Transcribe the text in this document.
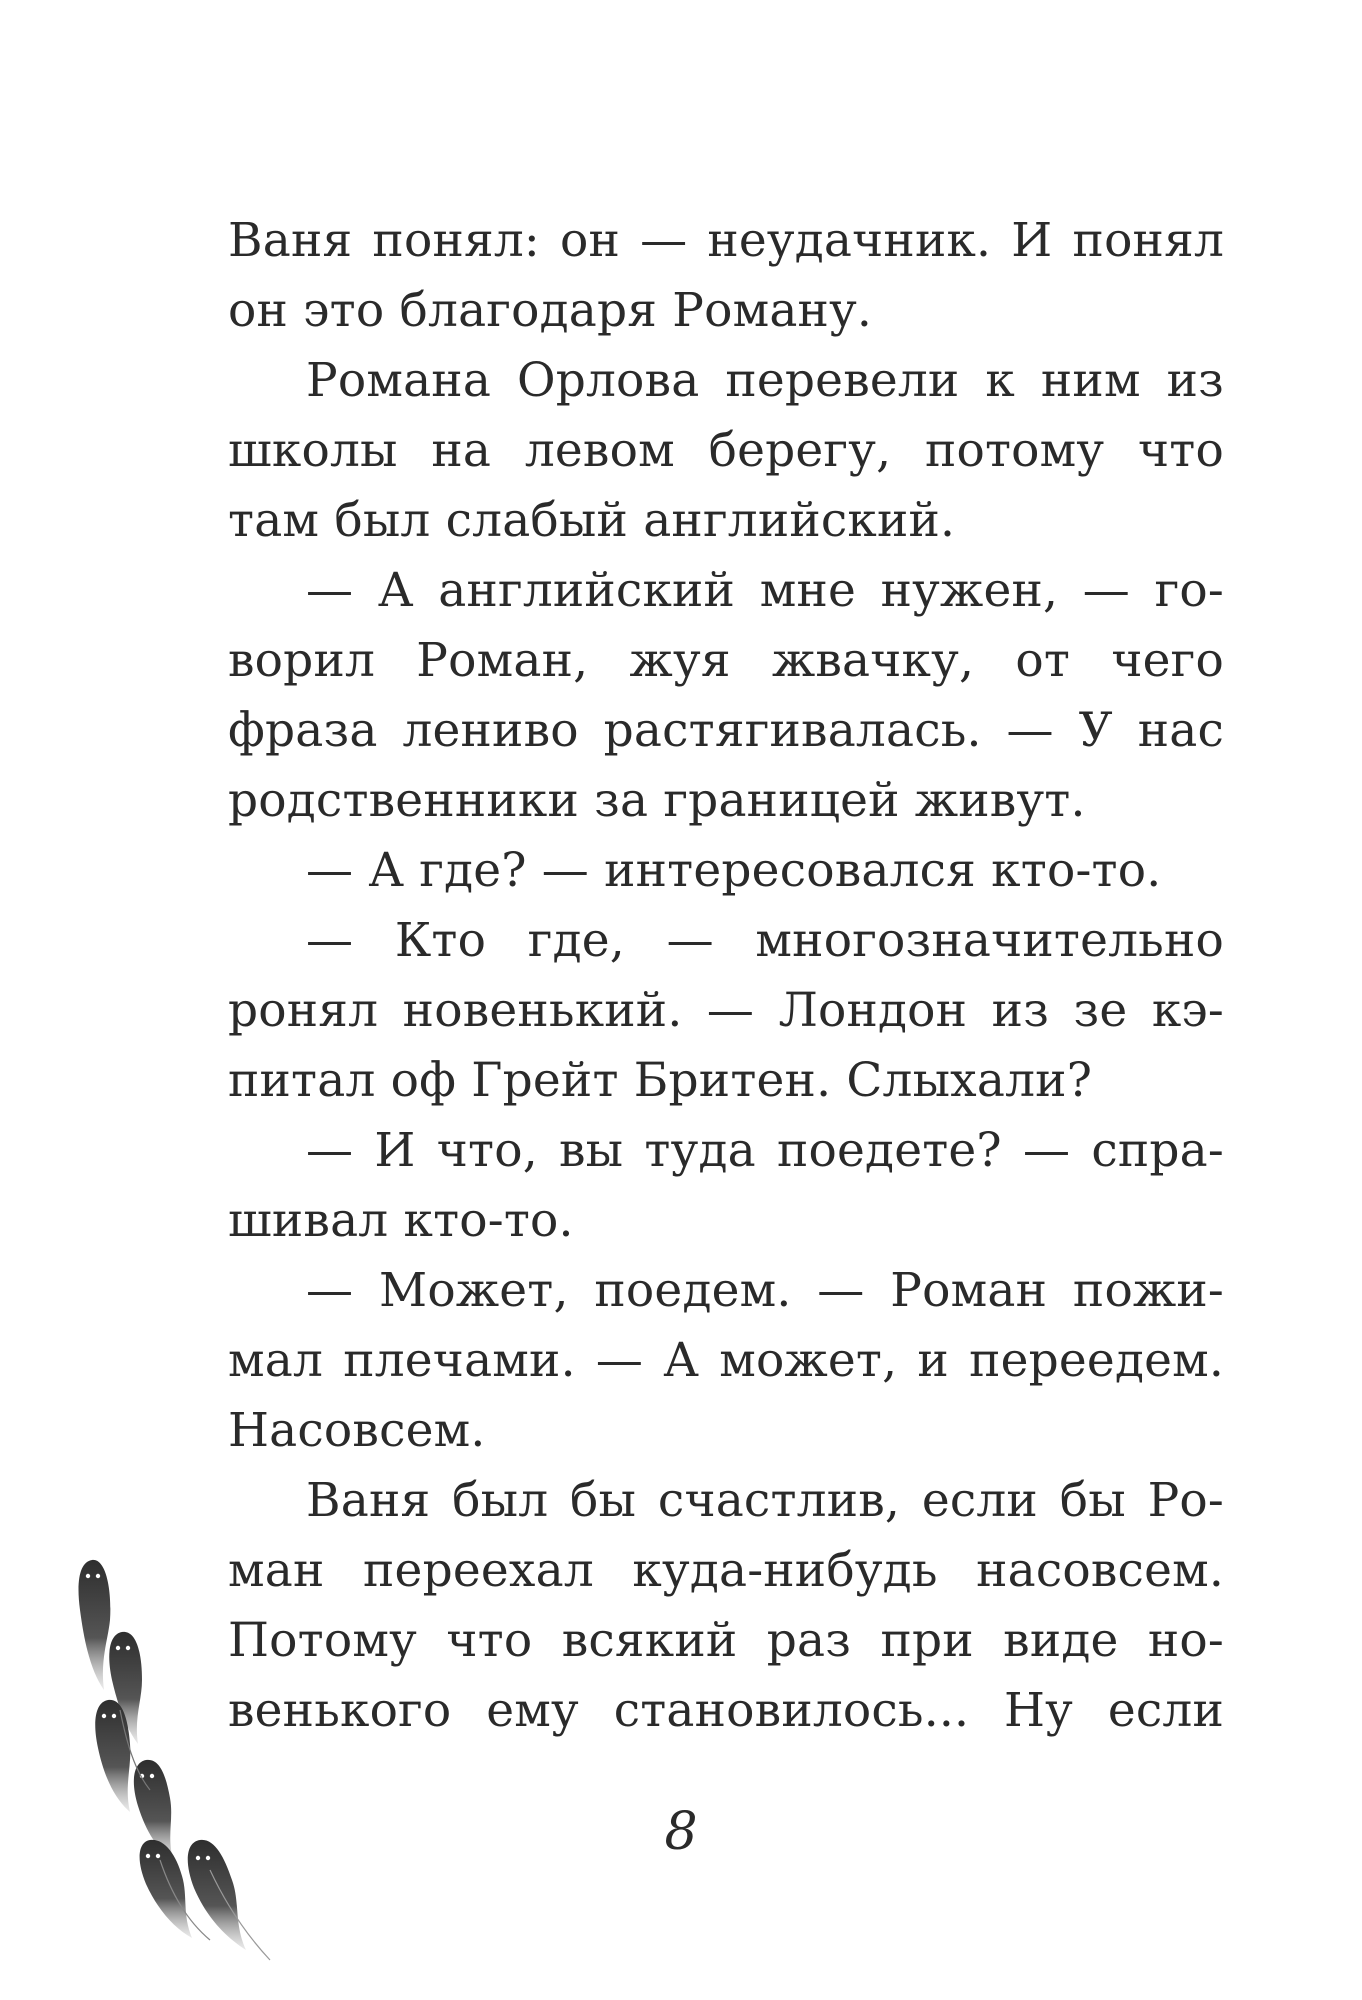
Ваня понял: он — неудачник. И понял
он это благодаря Роману.
Романа Орлова перевели к ним из
школы на левом берегу, потому что
там был слабый английский.
— А английский мне нужен, — го-
ворил Роман, жуя жвачку, от чего
фраза лениво растягивалась. — У нас
родственники за границей живут.
— А где? — интересовался кто-то.
— Кто где, — многозначительно
ронял новенький. — Лондон из зе кэ-
питал оф Грейт Бритен. Слыхали?
— И что, вы туда поедете? — спра-
шивал кто-то.
— Может, поедем. — Роман пожи-
мал плечами. — А может, и переедем.
Насовсем.
Ваня был бы счастлив, если бы Ро-
ман переехал куда-нибудь насовсем.
Потому что всякий раз при виде но-
венького ему становилось... Ну если
8
